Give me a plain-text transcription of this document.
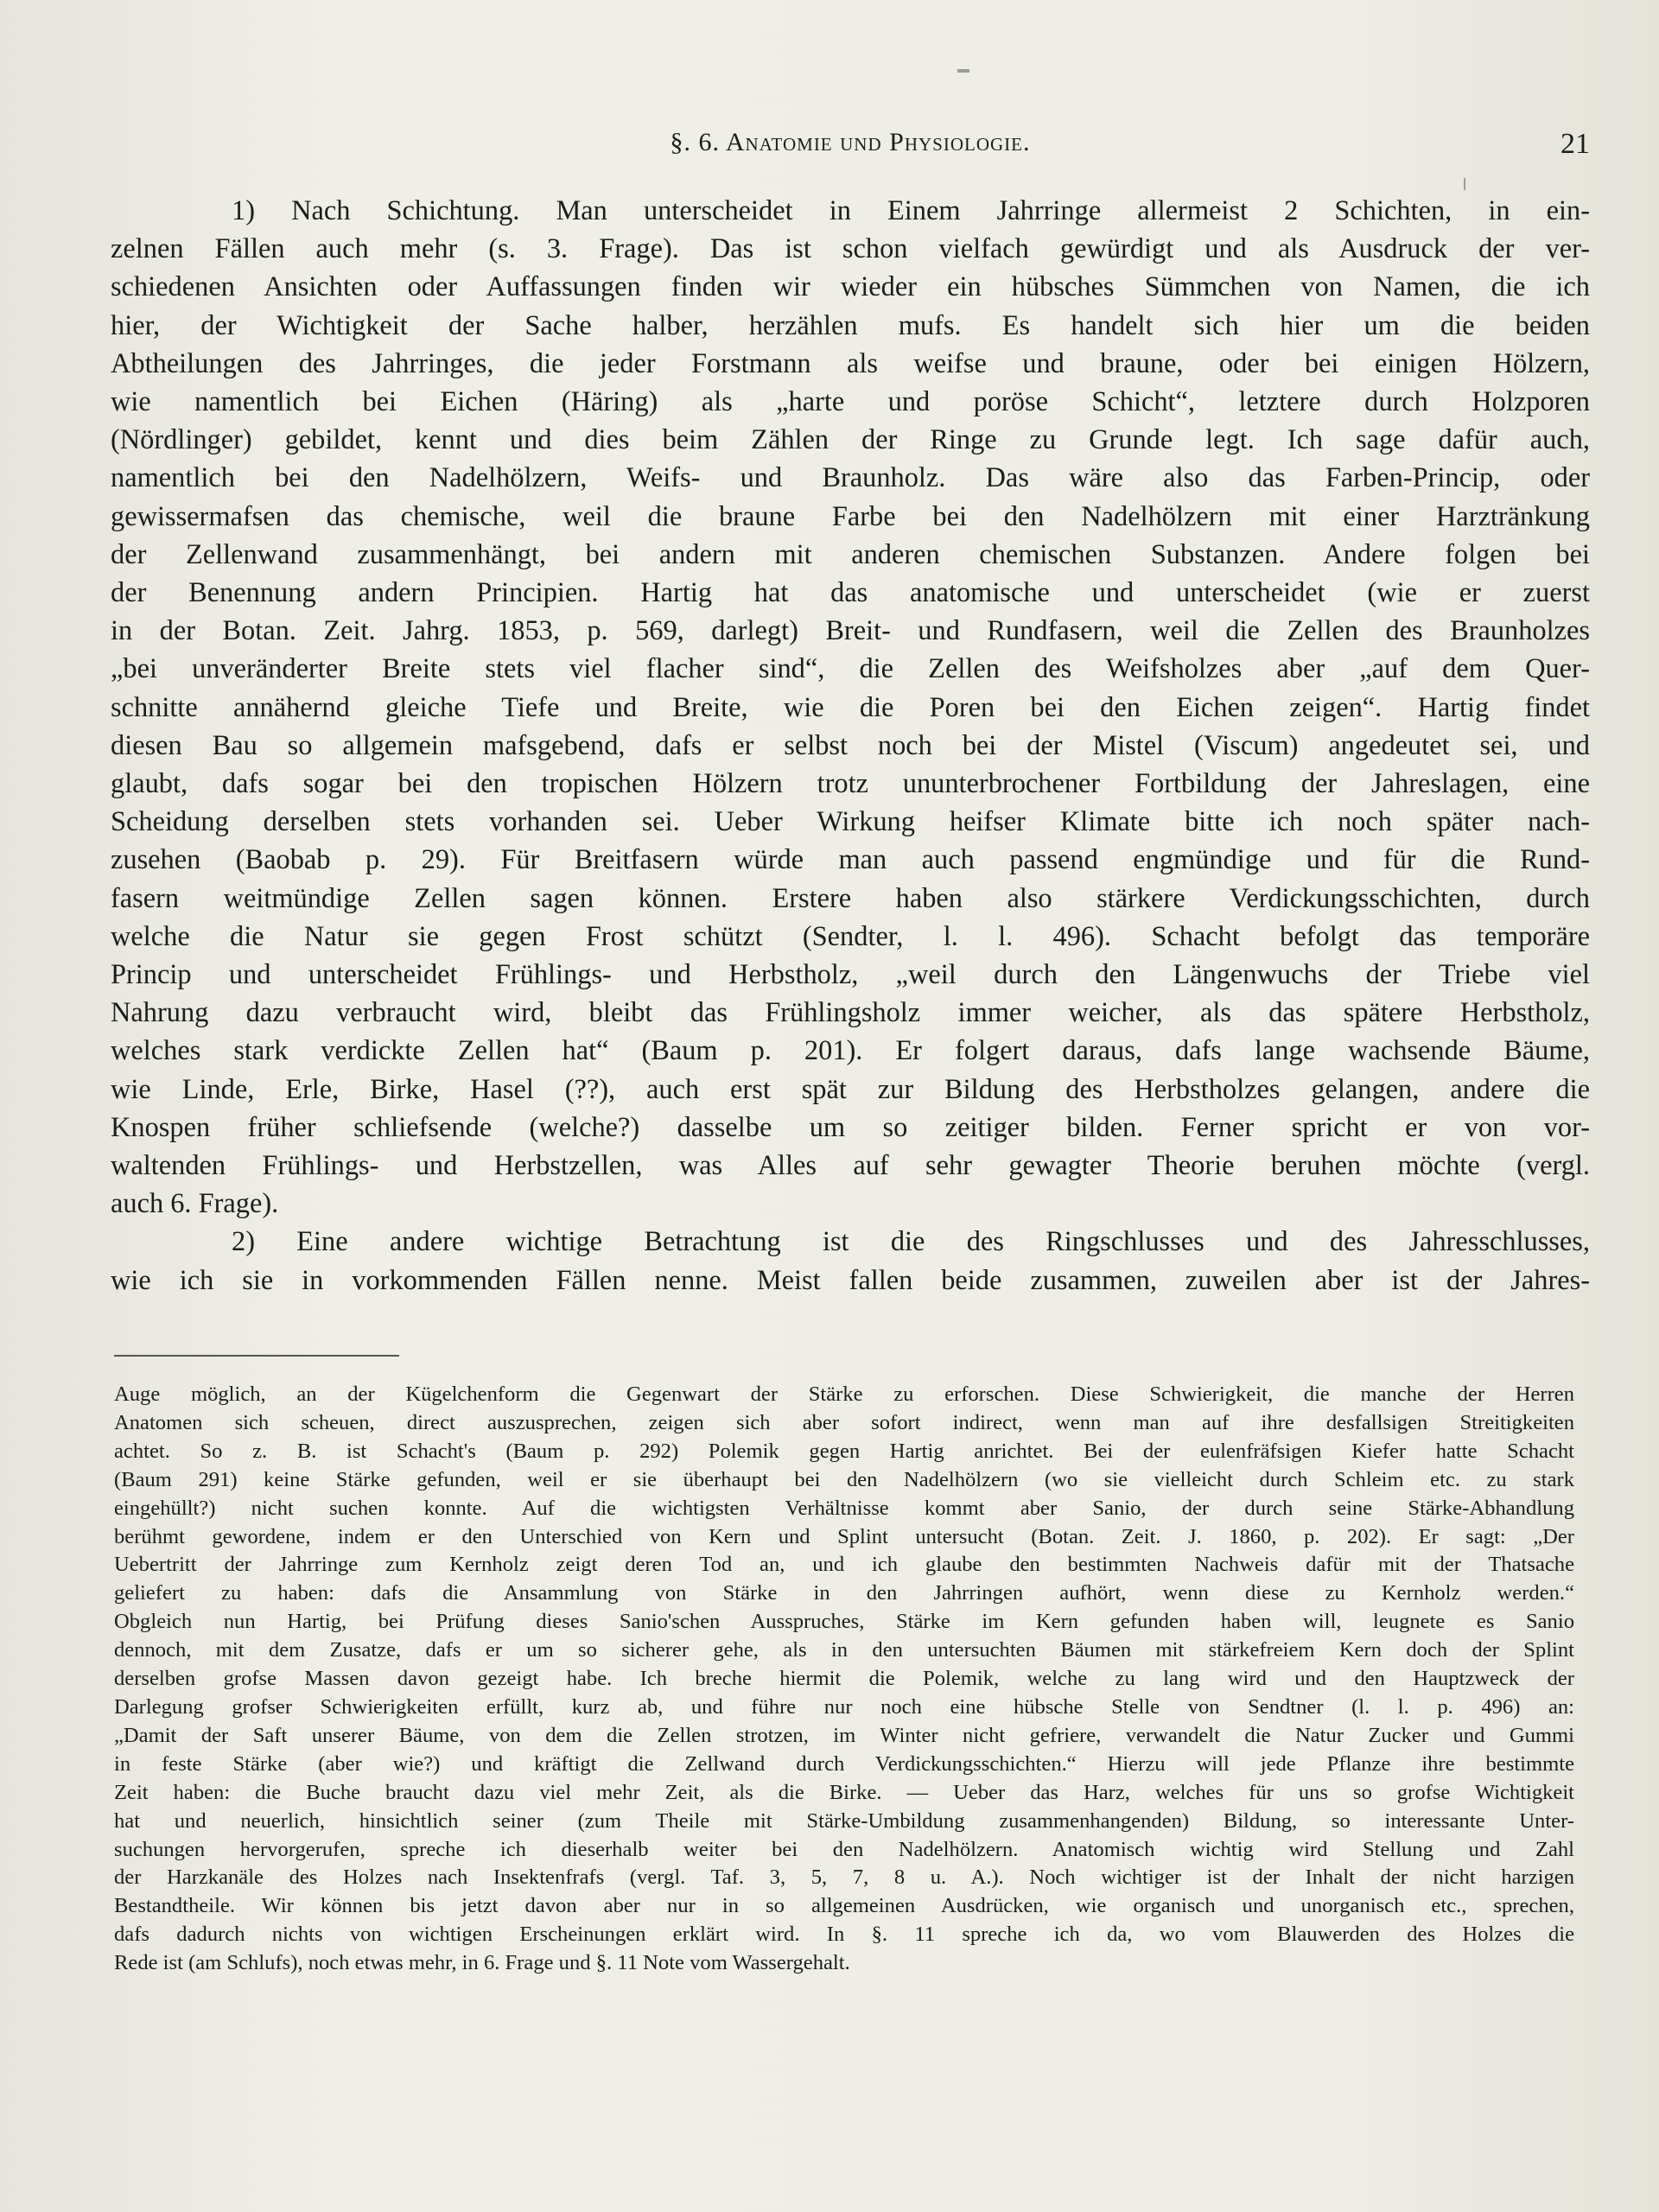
§. 6. Anatomie und Physiologie.	21
1) Nach Schichtung. Man unterscheidet in Einem Jahrringe allermeist 2 Schichten, in ein-
zelnen Fällen auch mehr (s. 3. Frage). Das ist schon vielfach gewürdigt und als Ausdruck der ver-
schiedenen Ansichten oder Auffassungen finden wir wieder ein hübsches Sümmchen von Namen, die ich
hier, der Wichtigkeit der Sache halber, herzählen mufs. Es handelt sich hier um die beiden
Abtheilungen des Jahrringes, die jeder Forstmann als weifse und braune, oder bei einigen Hölzern,
wie namentlich bei Eichen (Häring) als „harte und poröse Schicht“, letztere durch Holzporen
(Nördlinger) gebildet, kennt und dies beim Zählen der Ringe zu Grunde legt. Ich sage dafür auch,
namentlich bei den Nadelhölzern, Weifs- und Braunholz. Das wäre also das Farben-Princip, oder
gewissermafsen das chemische, weil die braune Farbe bei den Nadelhölzern mit einer Harztränkung
der Zellenwand zusammenhängt, bei andern mit anderen chemischen Substanzen. Andere folgen bei
der Benennung andern Principien. Hartig hat das anatomische und unterscheidet (wie er zuerst
in der Botan. Zeit. Jahrg. 1853, p. 569, darlegt) Breit- und Rundfasern, weil die Zellen des Braunholzes
„bei unveränderter Breite stets viel flacher sind“, die Zellen des Weifsholzes aber „auf dem Quer-
schnitte annähernd gleiche Tiefe und Breite, wie die Poren bei den Eichen zeigen“. Hartig findet
diesen Bau so allgemein mafsgebend, dafs er selbst noch bei der Mistel (Viscum) angedeutet sei, und
glaubt, dafs sogar bei den tropischen Hölzern trotz ununterbrochener Fortbildung der Jahreslagen, eine
Scheidung derselben stets vorhanden sei. Ueber Wirkung heifser Klimate bitte ich noch später nach-
zusehen (Baobab p. 29). Für Breitfasern würde man auch passend engmündige und für die Rund-
fasern weitmündige Zellen sagen können. Erstere haben also stärkere Verdickungsschichten, durch
welche die Natur sie gegen Frost schützt (Sendter, l. l. 496). Schacht befolgt das temporäre
Princip und unterscheidet Frühlings- und Herbstholz, „weil durch den Längenwuchs der Triebe viel
Nahrung dazu verbraucht wird, bleibt das Frühlingsholz immer weicher, als das spätere Herbstholz,
welches stark verdickte Zellen hat“ (Baum p. 201). Er folgert daraus, dafs lange wachsende Bäume,
wie Linde, Erle, Birke, Hasel (??), auch erst spät zur Bildung des Herbstholzes gelangen, andere die
Knospen früher schliefsende (welche?) dasselbe um so zeitiger bilden. Ferner spricht er von vor-
waltenden Frühlings- und Herbstzellen, was Alles auf sehr gewagter Theorie beruhen möchte (vergl.
auch 6. Frage).
2) Eine andere wichtige Betrachtung ist die des Ringschlusses und des Jahresschlusses,
wie ich sie in vorkommenden Fällen nenne. Meist fallen beide zusammen, zuweilen aber ist der Jahres-
Auge möglich, an der Kügelchenform die Gegenwart der Stärke zu erforschen. Diese Schwierigkeit, die manche der Herren
Anatomen sich scheuen, direct auszusprechen, zeigen sich aber sofort indirect, wenn man auf ihre desfallsigen Streitigkeiten
achtet. So z. B. ist Schacht's (Baum p. 292) Polemik gegen Hartig anrichtet. Bei der eulenfräfsigen Kiefer hatte Schacht
(Baum 291) keine Stärke gefunden, weil er sie überhaupt bei den Nadelhölzern (wo sie vielleicht durch Schleim etc. zu stark
eingehüllt?) nicht suchen konnte. Auf die wichtigsten Verhältnisse kommt aber Sanio, der durch seine Stärke-Abhandlung
berühmt gewordene, indem er den Unterschied von Kern und Splint untersucht (Botan. Zeit. J. 1860, p. 202). Er sagt: „Der
Uebertritt der Jahrringe zum Kernholz zeigt deren Tod an, und ich glaube den bestimmten Nachweis dafür mit der Thatsache
geliefert zu haben: dafs die Ansammlung von Stärke in den Jahrringen aufhört, wenn diese zu Kernholz werden.“
Obgleich nun Hartig, bei Prüfung dieses Sanio'schen Ausspruches, Stärke im Kern gefunden haben will, leugnete es Sanio
dennoch, mit dem Zusatze, dafs er um so sicherer gehe, als in den untersuchten Bäumen mit stärkefreiem Kern doch der Splint
derselben grofse Massen davon gezeigt habe. Ich breche hiermit die Polemik, welche zu lang wird und den Hauptzweck der
Darlegung grofser Schwierigkeiten erfüllt, kurz ab, und führe nur noch eine hübsche Stelle von Sendtner (l. l. p. 496) an:
„Damit der Saft unserer Bäume, von dem die Zellen strotzen, im Winter nicht gefriere, verwandelt die Natur Zucker und Gummi
in feste Stärke (aber wie?) und kräftigt die Zellwand durch Verdickungsschichten.“ Hierzu will jede Pflanze ihre bestimmte
Zeit haben: die Buche braucht dazu viel mehr Zeit, als die Birke. — Ueber das Harz, welches für uns so grofse Wichtigkeit
hat und neuerlich, hinsichtlich seiner (zum Theile mit Stärke-Umbildung zusammenhangenden) Bildung, so interessante Unter-
suchungen hervorgerufen, spreche ich dieserhalb weiter bei den Nadelhölzern. Anatomisch wichtig wird Stellung und Zahl
der Harzkanäle des Holzes nach Insektenfrafs (vergl. Taf. 3, 5, 7, 8 u. A.). Noch wichtiger ist der Inhalt der nicht harzigen
Bestandtheile. Wir können bis jetzt davon aber nur in so allgemeinen Ausdrücken, wie organisch und unorganisch etc., sprechen,
dafs dadurch nichts von wichtigen Erscheinungen erklärt wird. In §. 11 spreche ich da, wo vom Blauwerden des Holzes die
Rede ist (am Schlufs), noch etwas mehr, in 6. Frage und §. 11 Note vom Wassergehalt.
